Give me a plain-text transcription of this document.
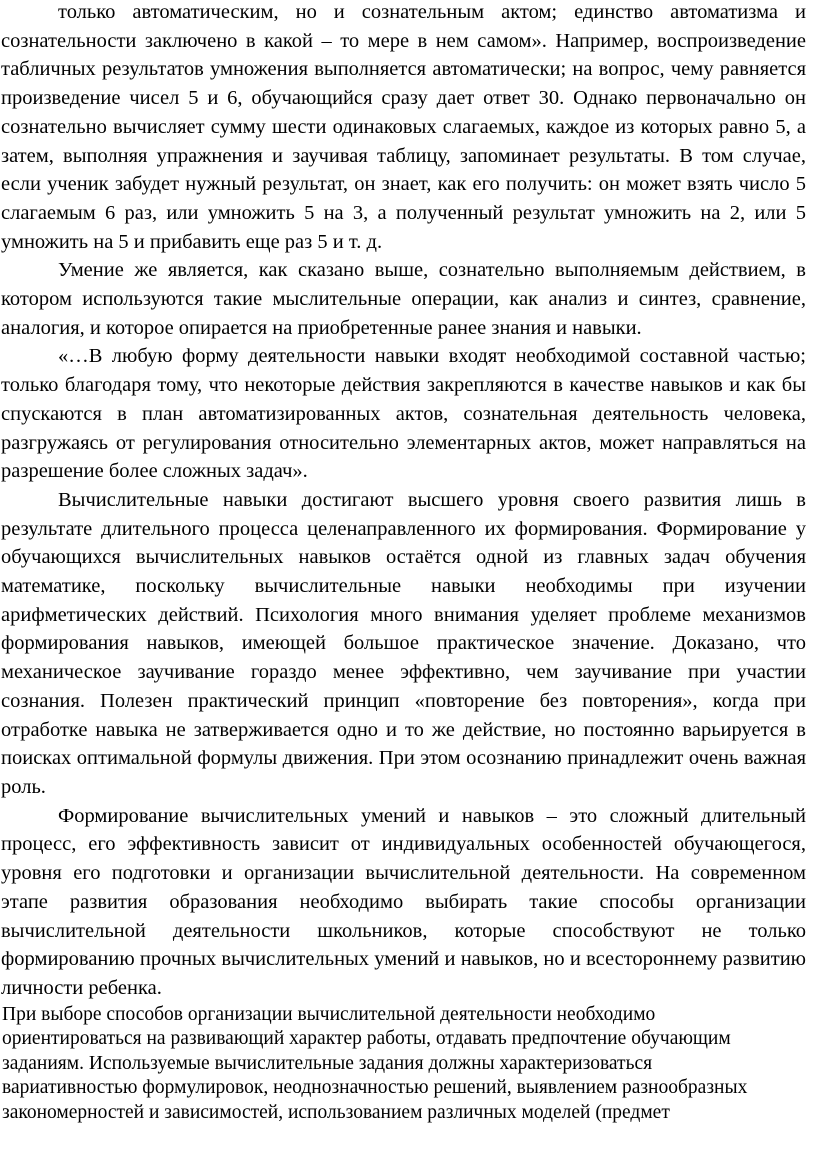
только автоматическим, но и сознательным актом; единство автоматизма и сознательности заключено в какой – то мере в нем самом». Например, воспроизведение табличных результатов умножения выполняется автоматически; на вопрос, чему равняется произведение чисел 5 и 6, обучающийся сразу дает ответ 30. Однако первоначально он сознательно вычисляет сумму шести одинаковых слагаемых, каждое из которых равно 5, а затем, выполняя упражнения и заучивая таблицу, запоминает результаты. В том случае, если ученик забудет нужный результат, он знает, как его получить: он может взять число 5 слагаемым 6 раз, или умножить 5 на 3, а полученный результат умножить на 2, или 5 умножить на 5 и прибавить еще раз 5 и т. д.

Умение же является, как сказано выше, сознательно выполняемым действием, в котором используются такие мыслительные операции, как анализ и синтез, сравнение, аналогия, и которое опирается на приобретенные ранее знания и навыки.

«…В любую форму деятельности навыки входят необходимой составной частью; только благодаря тому, что некоторые действия закрепляются в качестве навыков и как бы спускаются в план автоматизированных актов, сознательная деятельность человека, разгружаясь от регулирования относительно элементарных актов, может направляться на разрешение более сложных задач».

Вычислительные навыки достигают высшего уровня своего развития лишь в результате длительного процесса целенаправленного их формирования. Формирование у обучающихся вычислительных навыков остаётся одной из главных задач обучения математике, поскольку вычислительные навыки необходимы при изучении арифметических действий. Психология много внимания уделяет проблеме механизмов формирования навыков, имеющей большое практическое значение. Доказано, что механическое заучивание гораздо менее эффективно, чем заучивание при участии сознания. Полезен практический принцип «повторение без повторения», когда при отработке навыка не затверживается одно и то же действие, но постоянно варьируется в поисках оптимальной формулы движения. При этом осознанию принадлежит очень важная роль.

Формирование вычислительных умений и навыков – это сложный длительный процесс, его эффективность зависит от индивидуальных особенностей обучающегося, уровня его подготовки и организации вычислительной деятельности. На современном этапе развития образования необходимо выбирать такие способы организации вычислительной деятельности школьников, которые способствуют не только формированию прочных вычислительных умений и навыков, но и всестороннему развитию личности ребенка.

При выборе способов организации вычислительной деятельности необходимо ориентироваться на развивающий характер работы, отдавать предпочтение обучающим заданиям. Используемые вычислительные задания должны характеризоваться вариативностью формулировок, неоднозначностью решений, выявлением разнообразных закономерностей и зависимостей, использованием различных моделей (предмет
